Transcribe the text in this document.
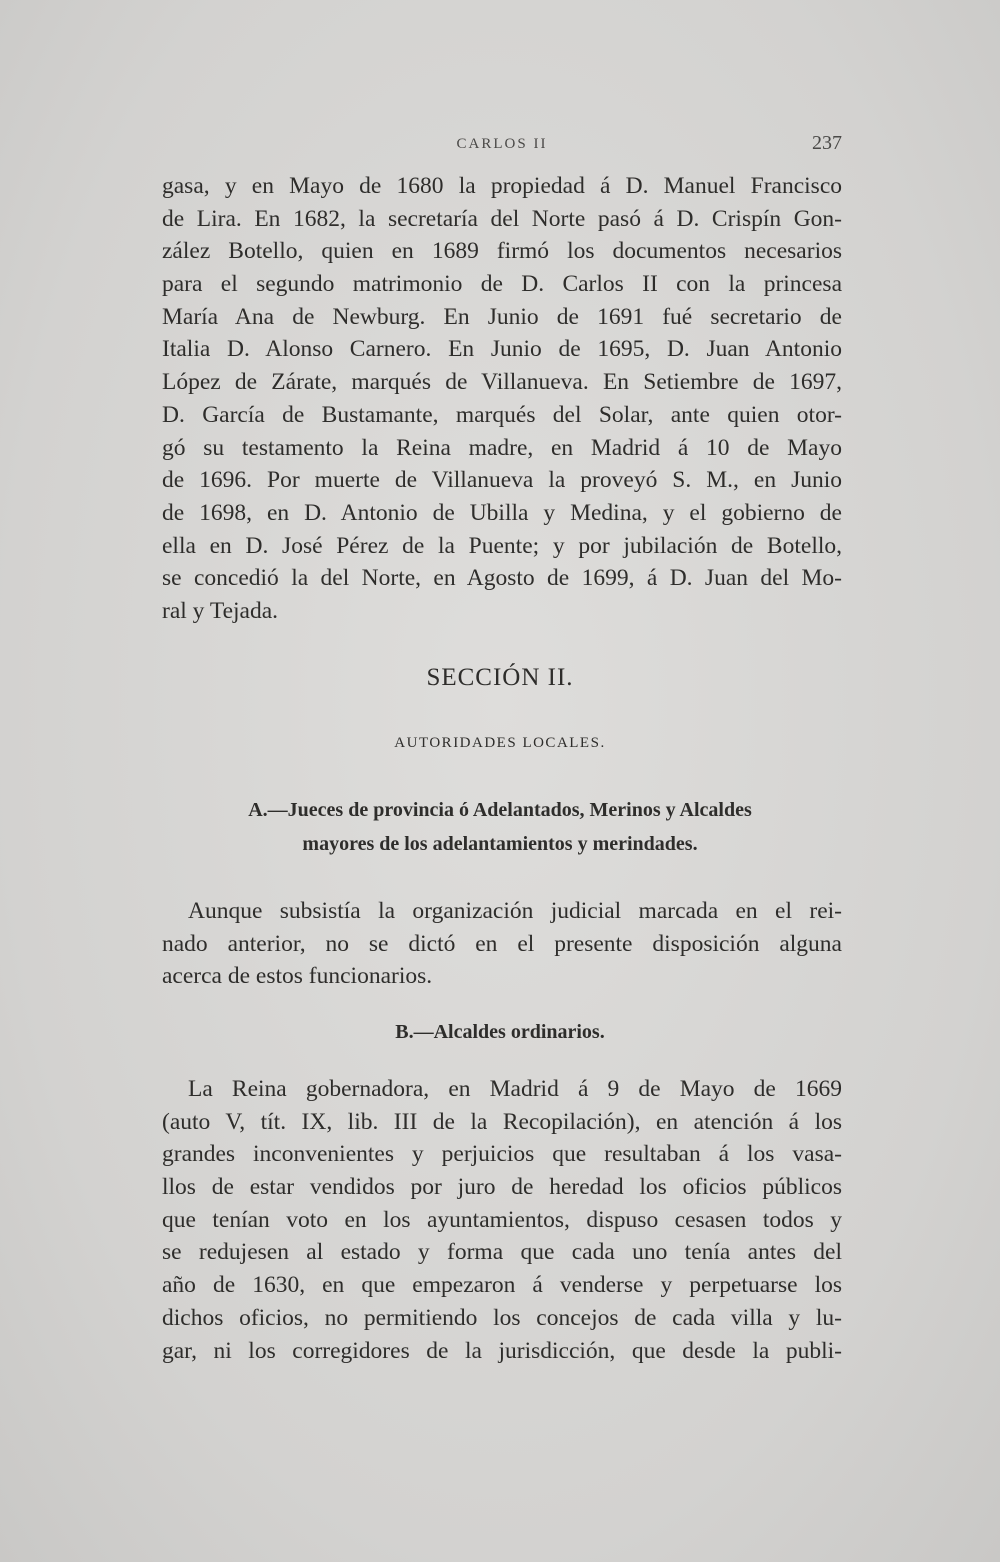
CARLOS II	237
gasa, y en Mayo de 1680 la propiedad á D. Manuel Francisco
de Lira. En 1682, la secretaría del Norte pasó á D. Crispín Gon-
zález Botello, quien en 1689 firmó los documentos necesarios
para el segundo matrimonio de D. Carlos II con la princesa
María Ana de Newburg. En Junio de 1691 fué secretario de
Italia D. Alonso Carnero. En Junio de 1695, D. Juan Antonio
López de Zárate, marqués de Villanueva. En Setiembre de 1697,
D. García de Bustamante, marqués del Solar, ante quien otor-
gó su testamento la Reina madre, en Madrid á 10 de Mayo
de 1696. Por muerte de Villanueva la proveyó S. M., en Junio
de 1698, en D. Antonio de Ubilla y Medina, y el gobierno de
ella en D. José Pérez de la Puente; y por jubilación de Botello,
se concedió la del Norte, en Agosto de 1699, á D. Juan del Mo-
ral y Tejada.
SECCIÓN II.
AUTORIDADES LOCALES.
A.—Jueces de provincia ó Adelantados, Merinos y Alcaldes
mayores de los adelantamientos y merindades.
Aunque subsistía la organización judicial marcada en el rei-
nado anterior, no se dictó en el presente disposición alguna
acerca de estos funcionarios.
B.—Alcaldes ordinarios.
La Reina gobernadora, en Madrid á 9 de Mayo de 1669
(auto V, tít. IX, lib. III de la Recopilación), en atención á los
grandes inconvenientes y perjuicios que resultaban á los vasa-
llos de estar vendidos por juro de heredad los oficios públicos
que tenían voto en los ayuntamientos, dispuso cesasen todos y
se redujesen al estado y forma que cada uno tenía antes del
año de 1630, en que empezaron á venderse y perpetuarse los
dichos oficios, no permitiendo los concejos de cada villa y lu-
gar, ni los corregidores de la jurisdicción, que desde la publi-
